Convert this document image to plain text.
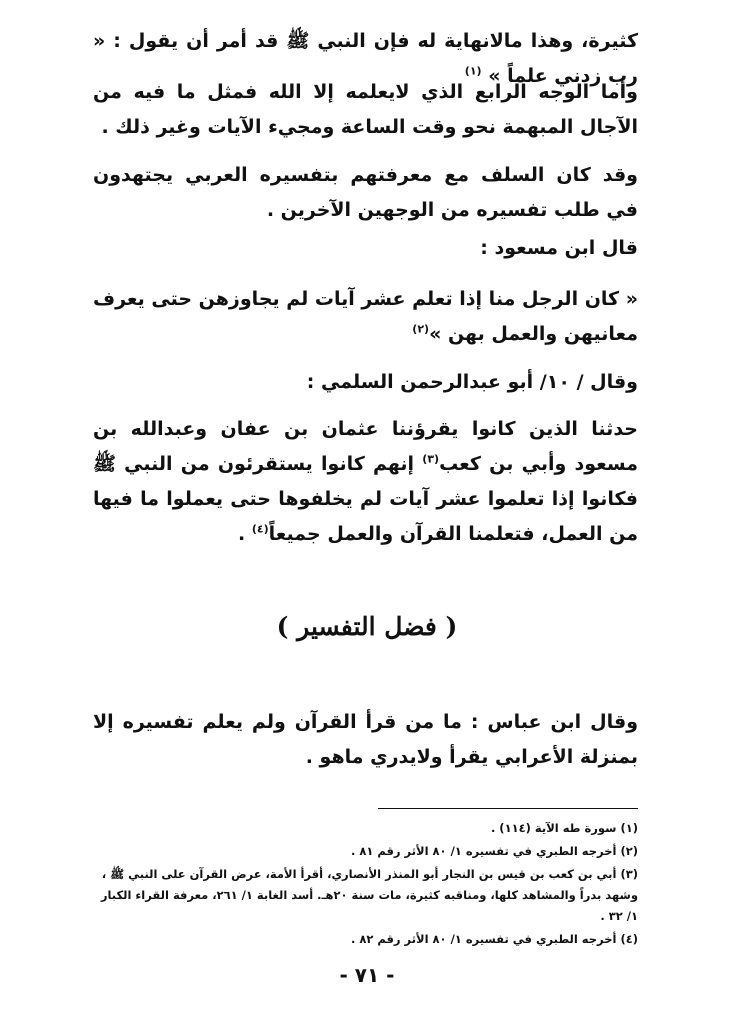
كثيرة، وهذا مالانهاية له فإن النبي ﷺ قد أمر أن يقول : « رب زدني علماً » $^{(١)}$

وأما الوجه الرابع الذي لايعلمه إلا الله فمثل ما فيه من الآجال المبهمة نحو وقت الساعة ومجيء الآيات وغير ذلك .

وقد كان السلف مع معرفتهم بتفسيره العربي يجتهدون في طلب تفسيره من الوجهين الآخرين .

قال ابن مسعود :

« كان الرجل منا إذا تعلم عشر آيات لم يجاوزهن حتى يعرف معانيهن والعمل بهن »$^{(٢)}$

وقال / ١٠/ أبو عبدالرحمن السلمي :

حدثنا الذين كانوا يقرؤننا عثمان بن عفان وعبدالله بن مسعود وأبي بن كعب$^{(٣)}$ إنهم كانوا يستقرئون من النبي ﷺ فكانوا إذا تعلموا عشر آيات لم يخلفوها حتى يعملوا ما فيها من العمل، فتعلمنا القرآن والعمل جميعاً$^{(٤)}$ .

( فضل التفسير )

وقال ابن عباس : ما من قرأ القرآن ولم يعلم تفسيره إلا بمنزلة الأعرابي يقرأ ولايدري ماهو .

(١) سورة طه الآية (١١٤) .
(٢) أخرجه الطبري في تفسيره ١/ ٨٠ الأثر رقم ٨١ .
(٣) أبي بن كعب بن قيس بن النجار أبو المنذر الأنصاري، أقرأ الأمة، عرض القرآن على النبي ﷺ ، وشهد بدراً والمشاهد كلها، ومناقبه كثيرة، مات سنة ٢٠هـ. أسد الغابة ١/ ٢٦١، معرفة القراء الكبار ١/ ٣٢ .
(٤) أخرجه الطبري في تفسيره ١/ ٨٠ الأثر رقم ٨٢ .
- ٧١ -
